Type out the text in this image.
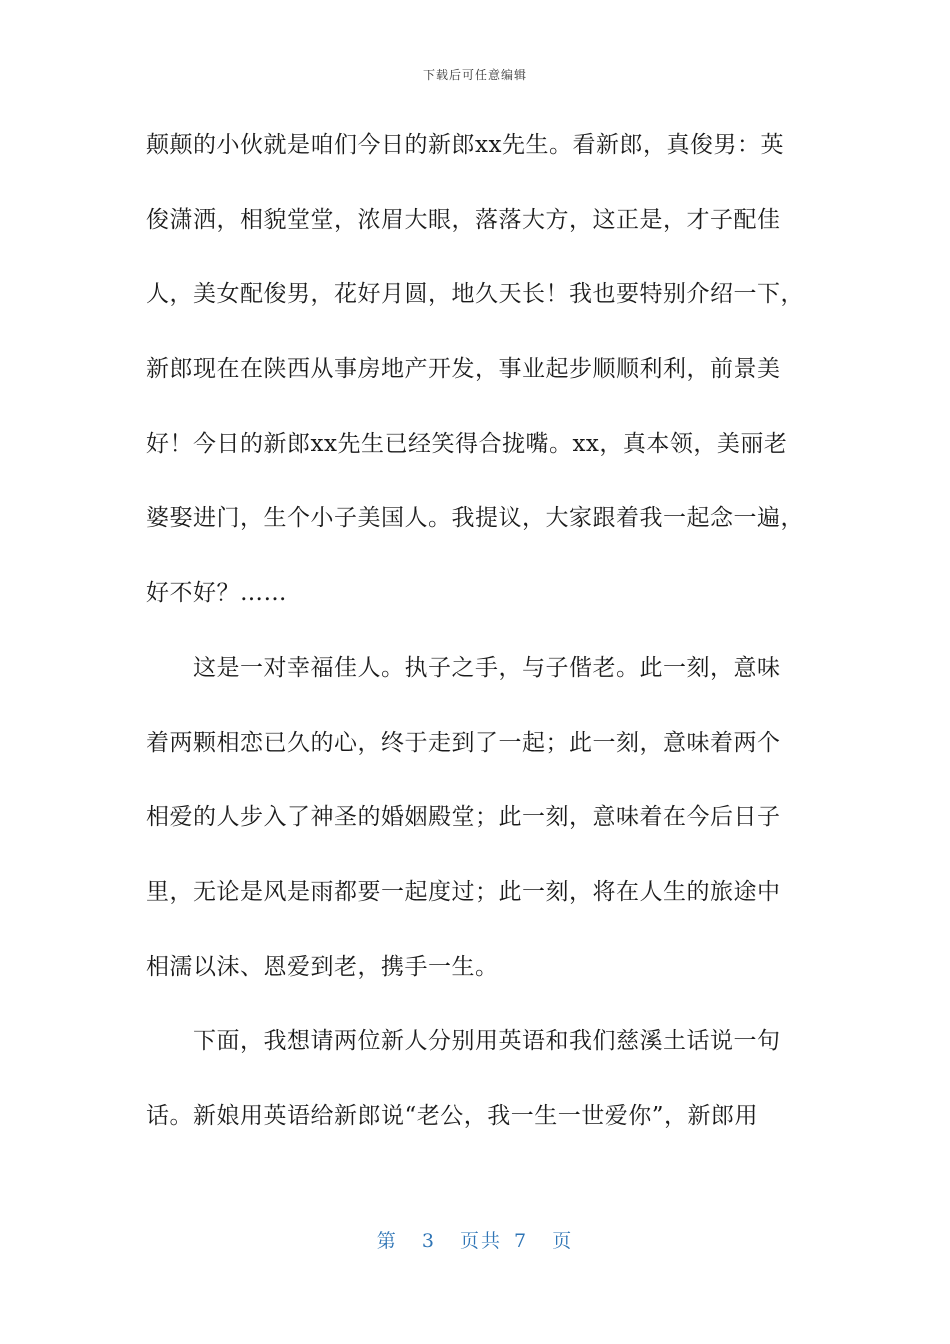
下载后可任意编辑
颠颠的小伙就是咱们今日的新郎xx先生。看新郎，真俊男：英
俊潇洒，相貌堂堂，浓眉大眼，落落大方，这正是，才子配佳
人，美女配俊男，花好月圆，地久天长！我也要特别介绍一下，
新郎现在在陕西从事房地产开发，事业起步顺顺利利，前景美
好！今日的新郎xx先生已经笑得合拢嘴。xx，真本领，美丽老
婆娶进门，生个小子美国人。我提议，大家跟着我一起念一遍，
好不好？……
这是一对幸福佳人。执子之手，与子偕老。此一刻，意味
着两颗相恋已久的心，终于走到了一起；此一刻，意味着两个
相爱的人步入了神圣的婚姻殿堂；此一刻，意味着在今后日子
里，无论是风是雨都要一起度过；此一刻，将在人生的旅途中
相濡以沫、恩爱到老，携手一生。
下面，我想请两位新人分别用英语和我们慈溪土话说一句
话。新娘用英语给新郎说“老公，我一生一世爱你”，新郎用
第  3  页共 7  页
